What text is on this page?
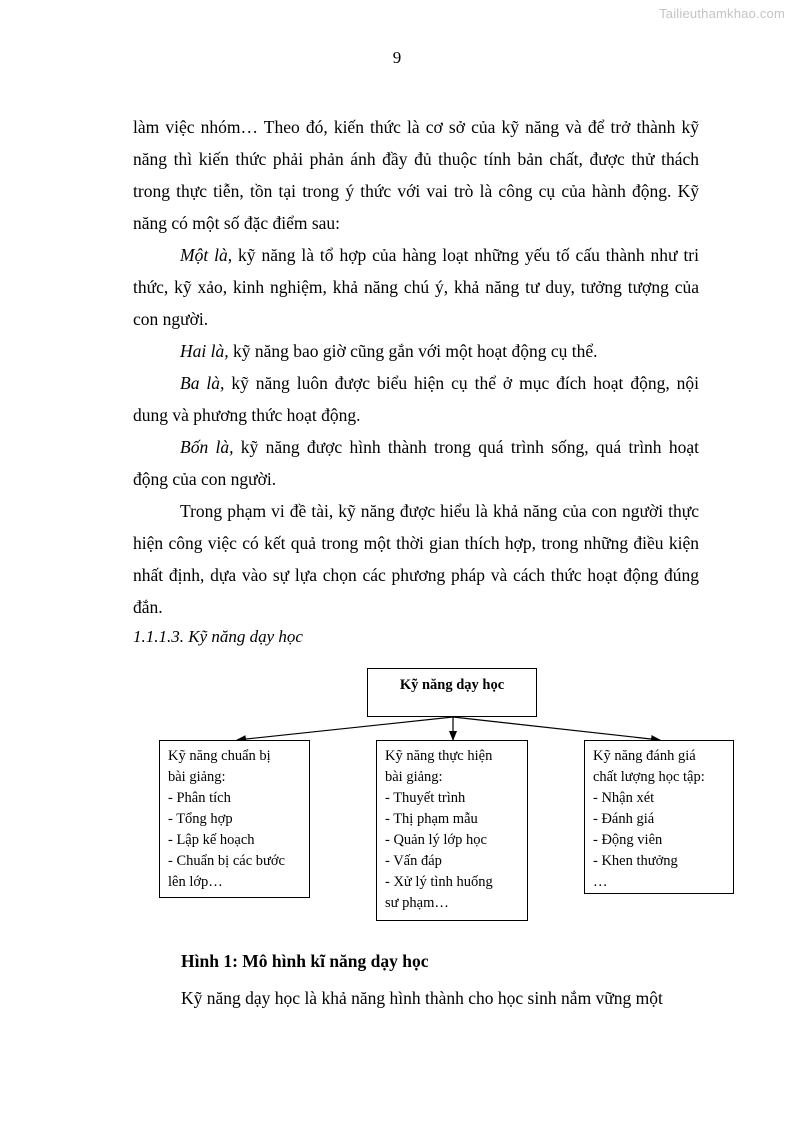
Tailieuthamkhao.com
9

làm việc nhóm… Theo đó, kiến thức là cơ sở của kỹ năng và để trở thành kỹ năng thì kiến thức phải phản ánh đầy đủ thuộc tính bản chất, được thử thách trong thực tiễn, tồn tại trong ý thức với vai trò là công cụ của hành động. Kỹ năng có một số đặc điểm sau:

Một là, kỹ năng là tổ hợp của hàng loạt những yếu tố cấu thành như tri thức, kỹ xảo, kinh nghiệm, khả năng chú ý, khả năng tư duy, tưởng tượng của con người.

Hai là, kỹ năng bao giờ cũng gắn với một hoạt động cụ thể.

Ba là, kỹ năng luôn được biểu hiện cụ thể ở mục đích hoạt động, nội dung và phương thức hoạt động.

Bốn là, kỹ năng được hình thành trong quá trình sống, quá trình hoạt động của con người.

Trong phạm vi đề tài, kỹ năng được hiểu là khả năng của con người thực hiện công việc có kết quả trong một thời gian thích hợp, trong những điều kiện nhất định, dựa vào sự lựa chọn các phương pháp và cách thức hoạt động đúng đắn.

1.1.1.3. Kỹ năng dạy học
Kỹ năng dạy học
Kỹ năng chuẩn bị
bài giảng:
- Phân tích
- Tổng hợp
- Lập kế hoạch
- Chuẩn bị các bước
lên lớp…
Kỹ năng thực hiện
bài giảng:
- Thuyết trình
- Thị phạm mẫu
- Quản lý lớp học
- Vấn đáp
- Xử lý tình huống
sư phạm…
Kỹ năng đánh giá
chất lượng học tập:
- Nhận xét
- Đánh giá
- Động viên
- Khen thưởng
…
Hình 1: Mô hình kĩ năng dạy học
Kỹ năng dạy học là khả năng hình thành cho học sinh nắm vững một
